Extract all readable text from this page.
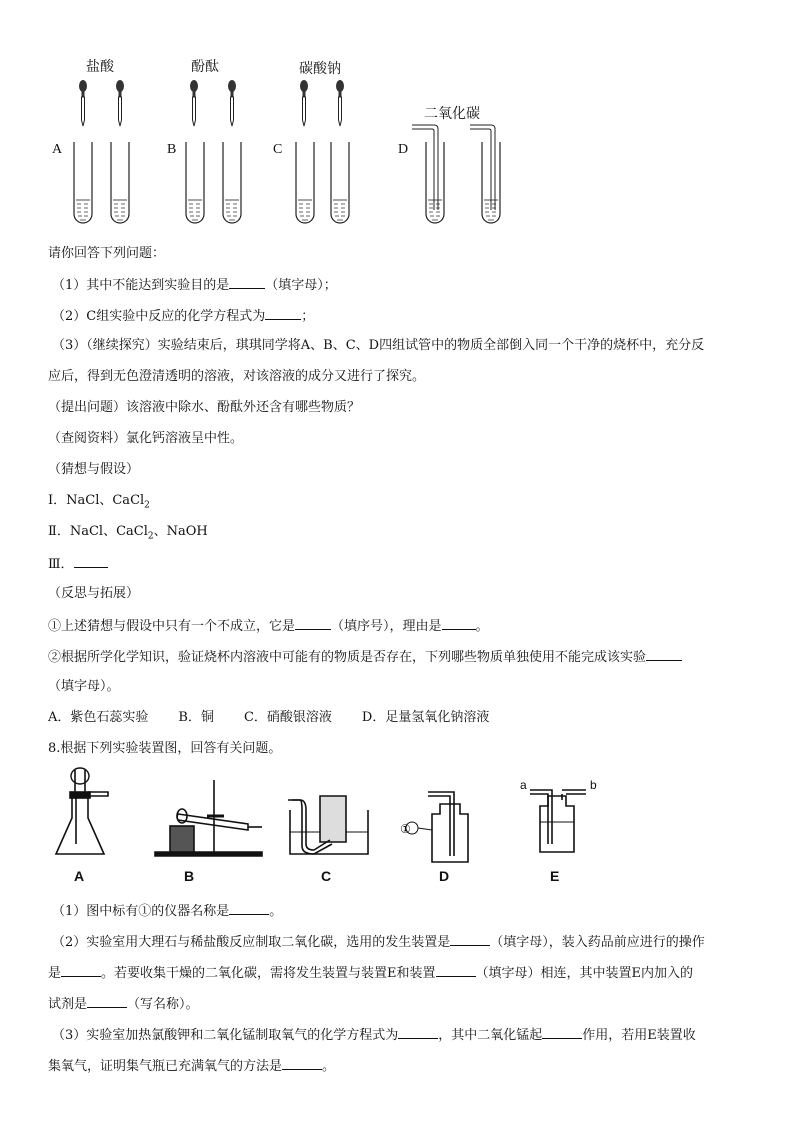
盐酸	酚酞	碳酸钠
二氧化碳
A	B	C	D
请你回答下列问题：
（1）其中不能达到实验目的是	（填字母）；
（2）C组实验中反应的化学方程式为	；
（3）（继续探究）实验结束后，琪琪同学将A、B、C、D四组试管中的物质全部倒入同一个干净的烧杯中，充分反
应后，得到无色澄清透明的溶液，对该溶液的成分又进行了探究。
（提出问题）该溶液中除水、酚酞外还含有哪些物质？
（查阅资料）氯化钙溶液呈中性。
（猜想与假设）
Ⅰ．NaCl、CaCl$_2$
Ⅱ．NaCl、CaCl$_2$、NaOH
Ⅲ．
（反思与拓展）
①上述猜想与假设中只有一个不成立，它是	（填序号），理由是	。
②根据所学化学知识，验证烧杯内溶液中可能有的物质是否存在，下列哪些物质单独使用不能完成该实验
（填字母）。
A．紫色石蕊实验 B．铜 C．硝酸银溶液 D．足量氢氧化钠溶液
8.根据下列实验装置图，回答有关问题。
①
a	b
A	B	C	D	E
（1）图中标有①的仪器名称是	。
（2）实验室用大理石与稀盐酸反应制取二氧化碳，选用的发生装置是	（填字母），装入药品前应进行的操作
是	。若要收集干燥的二氧化碳，需将发生装置与装置E和装置	（填字母）相连，其中装置E内加入的
试剂是	（写名称）。
（3）实验室加热氯酸钾和二氧化锰制取氧气的化学方程式为	，其中二氧化锰起	作用，若用E装置收
集氧气，证明集气瓶已充满氧气的方法是	。
